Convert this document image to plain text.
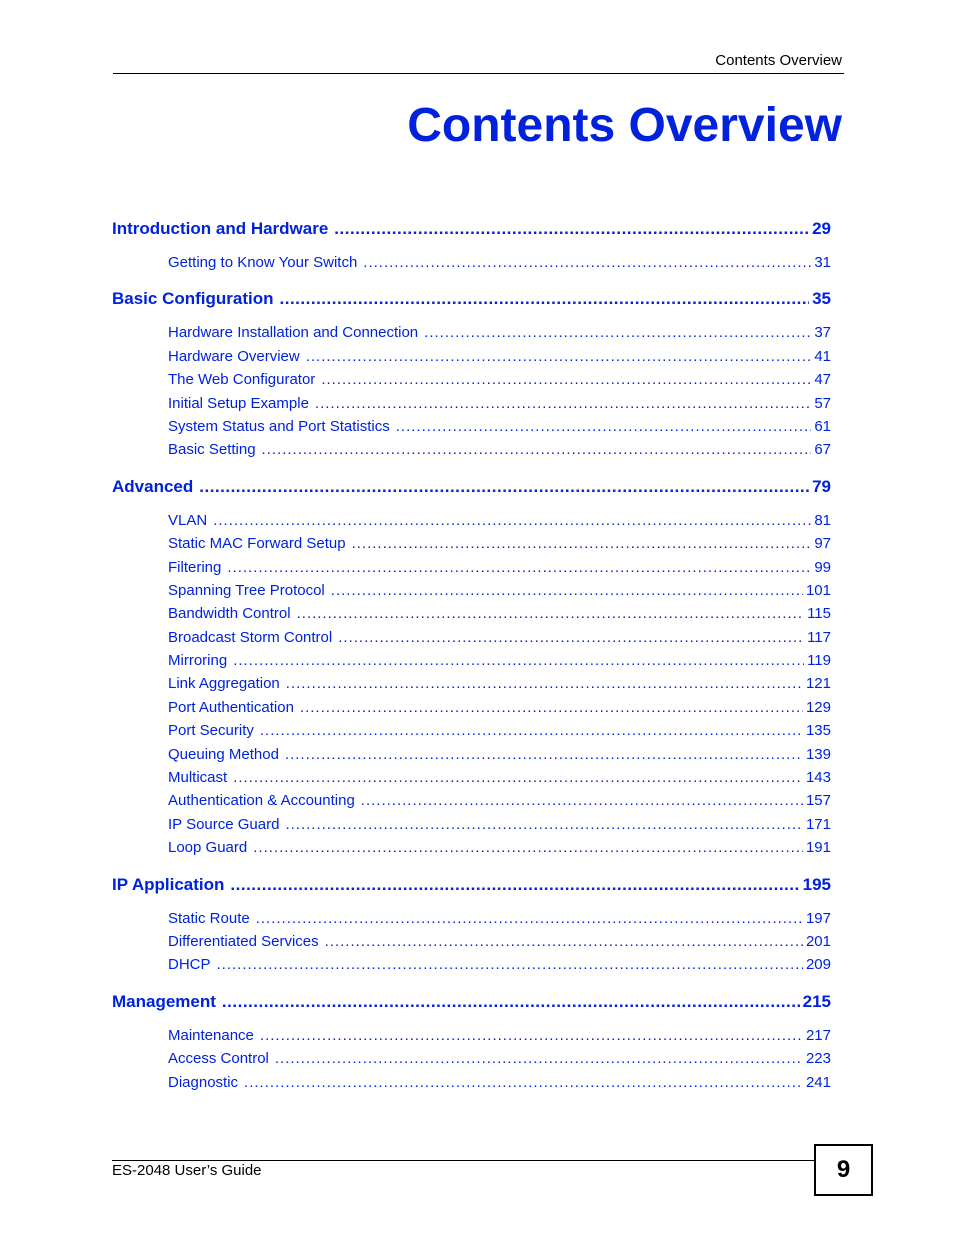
Contents Overview
Contents Overview
Introduction and Hardware .....	29
Getting to Know Your Switch .....	31
Basic Configuration .....	35
Hardware Installation and Connection .....	37
Hardware Overview .....	41
The Web Configurator .....	47
Initial Setup Example .....	57
System Status and Port Statistics .....	61
Basic Setting .....	67
Advanced .....	79
VLAN .....	81
Static MAC Forward Setup .....	97
Filtering .....	99
Spanning Tree Protocol .....	101
Bandwidth Control .....	115
Broadcast Storm Control .....	117
Mirroring .....	119
Link Aggregation .....	121
Port Authentication .....	129
Port Security .....	135
Queuing Method .....	139
Multicast .....	143
Authentication & Accounting .....	157
IP Source Guard .....	171
Loop Guard .....	191
IP Application .....	195
Static Route .....	197
Differentiated Services .....	201
DHCP .....	209
Management .....	215
Maintenance .....	217
Access Control .....	223
Diagnostic .....	241
ES-2048 User’s Guide	9
